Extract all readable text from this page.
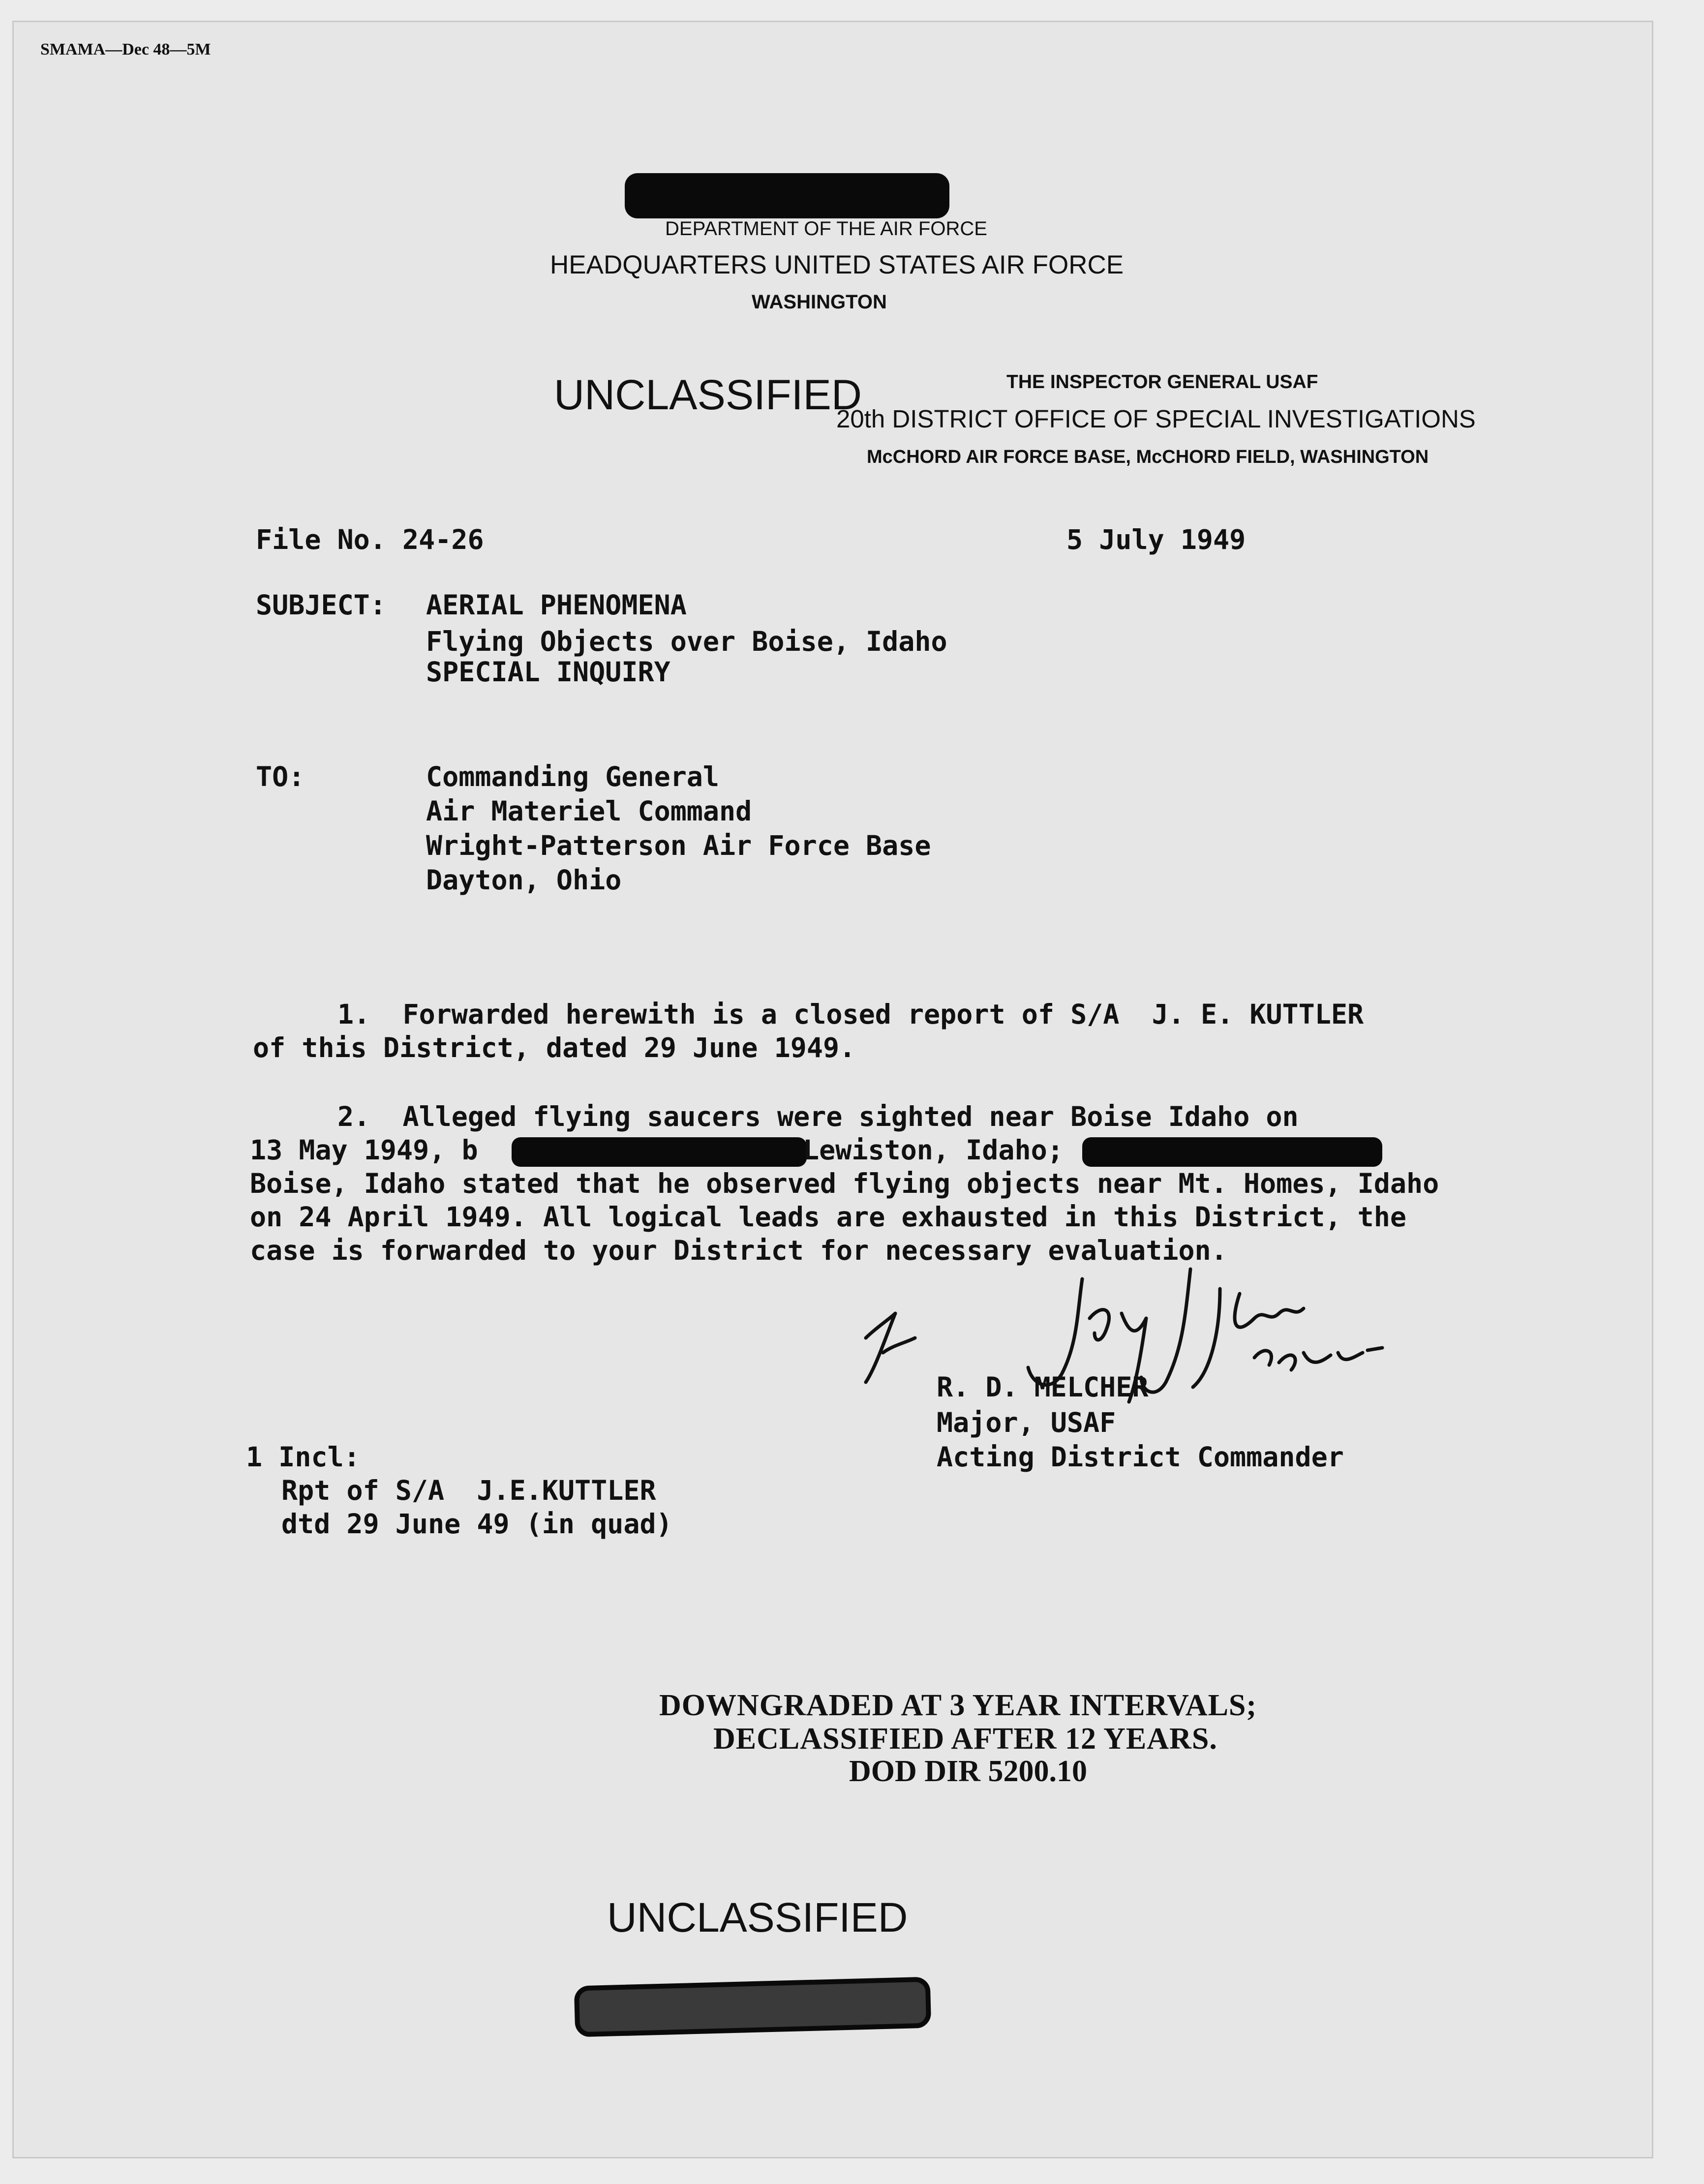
SMAMA—Dec 48—5M
DEPARTMENT OF THE AIR FORCE
HEADQUARTERS UNITED STATES AIR FORCE
WASHINGTON
UNCLASSIFIED	THE INSPECTOR GENERAL USAF
20th DISTRICT OFFICE OF SPECIAL INVESTIGATIONS
McCHORD AIR FORCE BASE, McCHORD FIELD, WASHINGTON
File No. 24-26	5 July 1949
SUBJECT: AERIAL PHENOMENA
Flying Objects over Boise, Idaho
SPECIAL INQUIRY
TO:	Commanding General
Air Materiel Command
Wright-Patterson Air Force Base
Dayton, Ohio
1.  Forwarded herewith is a closed report of S/A  J. E. KUTTLER
of this District, dated 29 June 1949.
2.  Alleged flying saucers were sighted near Boise Idaho on
13 May 1949, b	Lewiston, Idaho;
Boise, Idaho stated that he observed flying objects near Mt. Homes, Idaho
on 24 April 1949. All logical leads are exhausted in this District, the
case is forwarded to your District for necessary evaluation.
R. D. MELCHER
Major, USAF
Acting District Commander
1 Incl:
Rpt of S/A  J.E.KUTTLER
dtd 29 June 49 (in quad)
DOWNGRADED AT 3 YEAR INTERVALS;
DECLASSIFIED AFTER 12 YEARS.
DOD DIR 5200.10
UNCLASSIFIED
